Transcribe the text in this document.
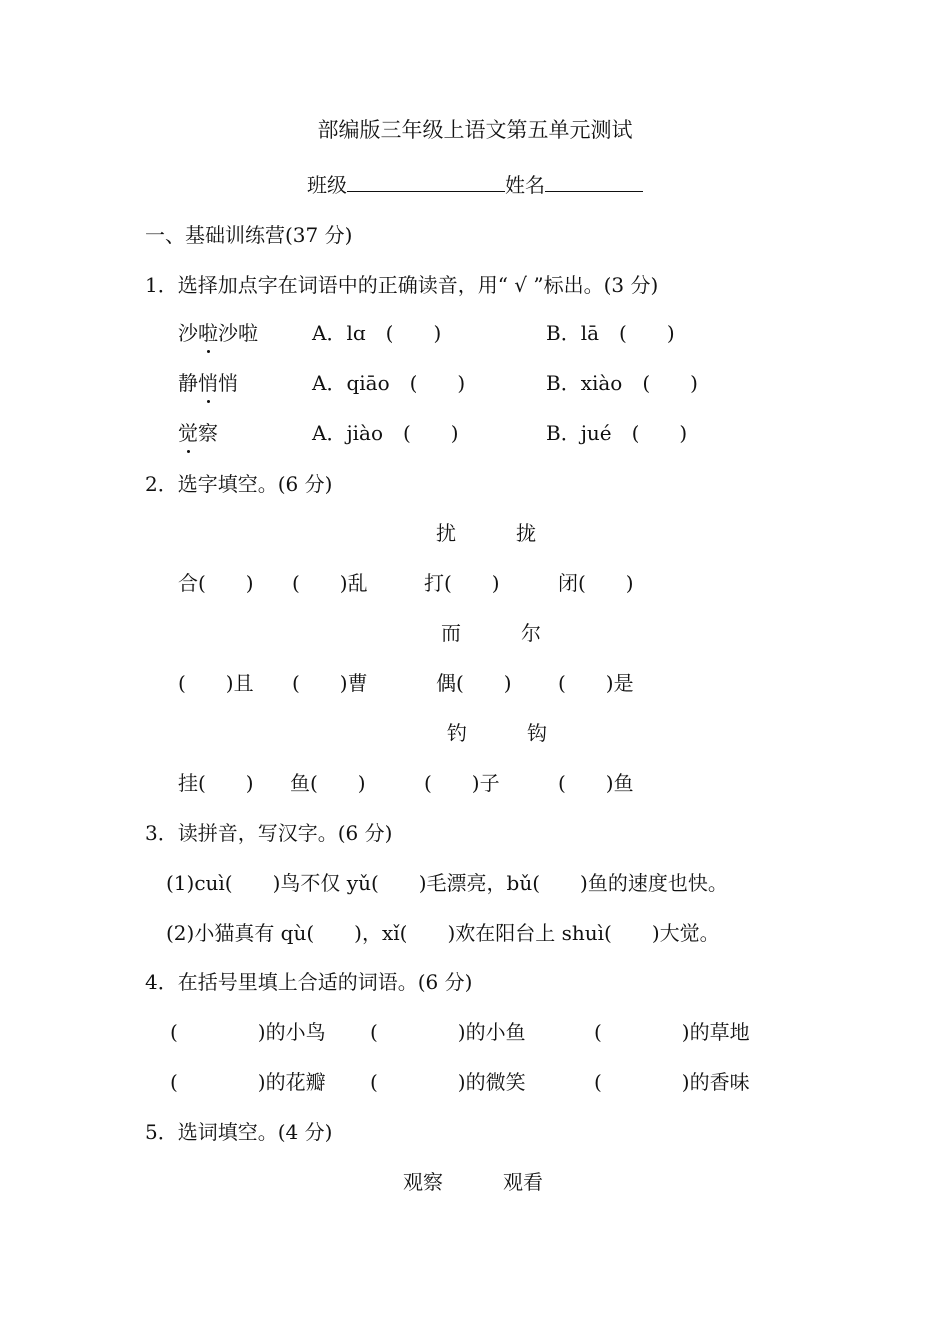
部编版三年级上语文第五单元测试
班级	姓名
一、基础训练营(37 分)
1．选择加点字在词语中的正确读音，用“ √ ”标出。(3 分)
沙啦沙啦	A．lɑ　(　　)	B．lā　(　　)
静悄悄	A．qiāo　(　　)	B．xiào　(　　)
觉察	A．jiào　(　　)	B．jué　(　　)
2．选字填空。(6 分)
扰　　　拢
合(　　) (　　)乱	打(　　)	闭(　　)
而　　　尔
(　　)且 (　　)曹	偶(　　) (　　)是
钓　　　钩
挂(　　) 鱼(　　)	(　　)子	(　　)鱼
3．读拼音，写汉字。(6 分)
(1)cuì(　　)鸟不仅 yǔ(　　)毛漂亮，bǔ(　　)鱼的速度也快。
(2)小猫真有 qù(　　)，xǐ(　　)欢在阳台上 shuì(　　)大觉。
4．在括号里填上合适的词语。(6 分)
(　　　　)的小鸟 (　　　　)的小鱼	(　　　　)的草地
(　　　　)的花瓣 (　　　　)的微笑	(　　　　)的香味
5．选词填空。(4 分)
观察　　　观看
